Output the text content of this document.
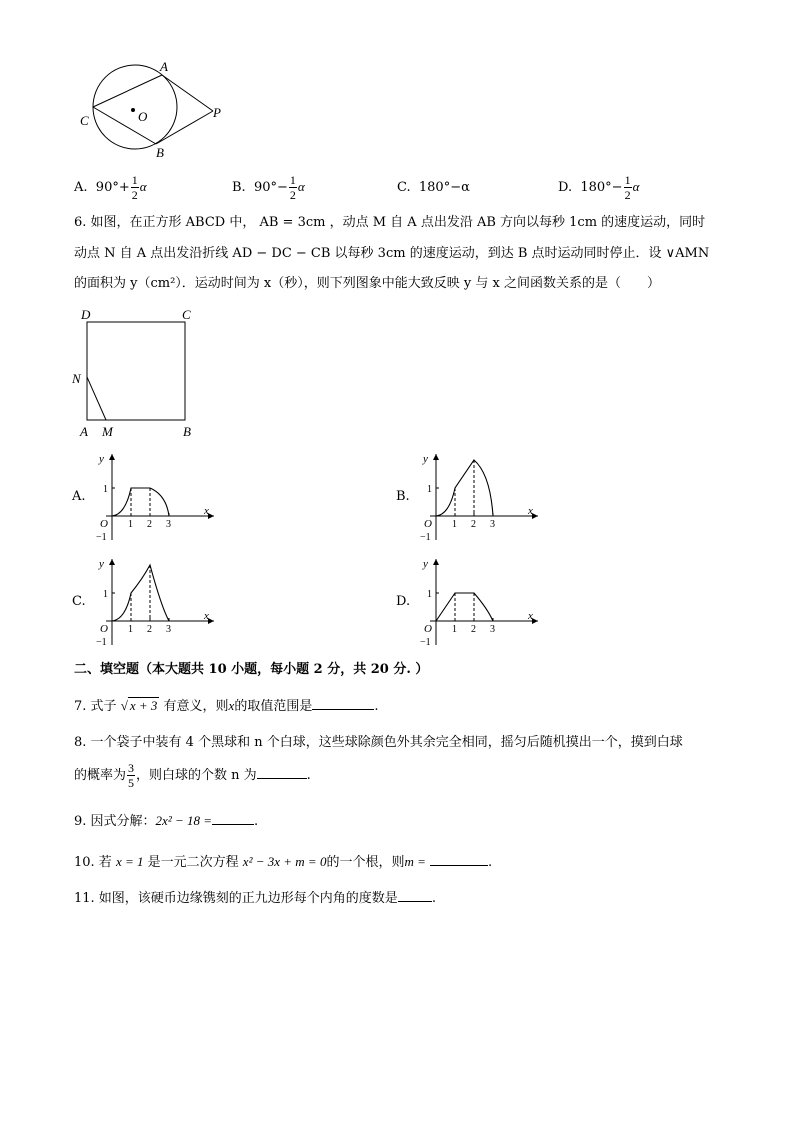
A
C	O	P
B
A. $90^\circ+ \frac{1}{2}$ α	B. $90^\circ- \frac{1}{2}$ α	C. 180°−α	D. $180^\circ- \frac{1}{2}$ α
6. 如图，在正方形 ABCD 中， AB = 3cm ，动点 M 自 A 点出发沿 AB 方向以每秒 1cm 的速度运动，同时
动点 N 自 A 点出发沿折线 AD − DC − CB 以每秒 3cm 的速度运动，到达 B 点时运动同时停止．设 ∨AMN
的面积为 y（cm²）．运动时间为 x（秒），则下列图象中能大致反映 y 与 x 之间函数关系的是（　　）
D	C
N
A M	B
A.
y
x
O
−1
1
1 2 3
B.
y
x
O
−1
1
1 2 3
C.
y
x
O
−1
1
1 2 3
D.
y
x
O
−1
1
1 2 3
二、填空题（本大题共 10 小题，每小题 2 分，共 20 分. ）
7. 式子 √ x + 3 有意义，则x的取值范围是	.
8. 一个袋子中装有 4 个黑球和 n 个白球，这些球除颜色外其余完全相同，摇匀后随机摸出一个，摸到白球
的概率为 $\frac{3}{5}$ ，则白球的个数 n 为	.
9. 因式分解：2x² − 18 =	.
10. 若 x = 1 是一元二次方程 x² − 3x + m = 0的一个根，则m =	.
11. 如图，该硬币边缘镌刻的正九边形每个内角的度数是	.
